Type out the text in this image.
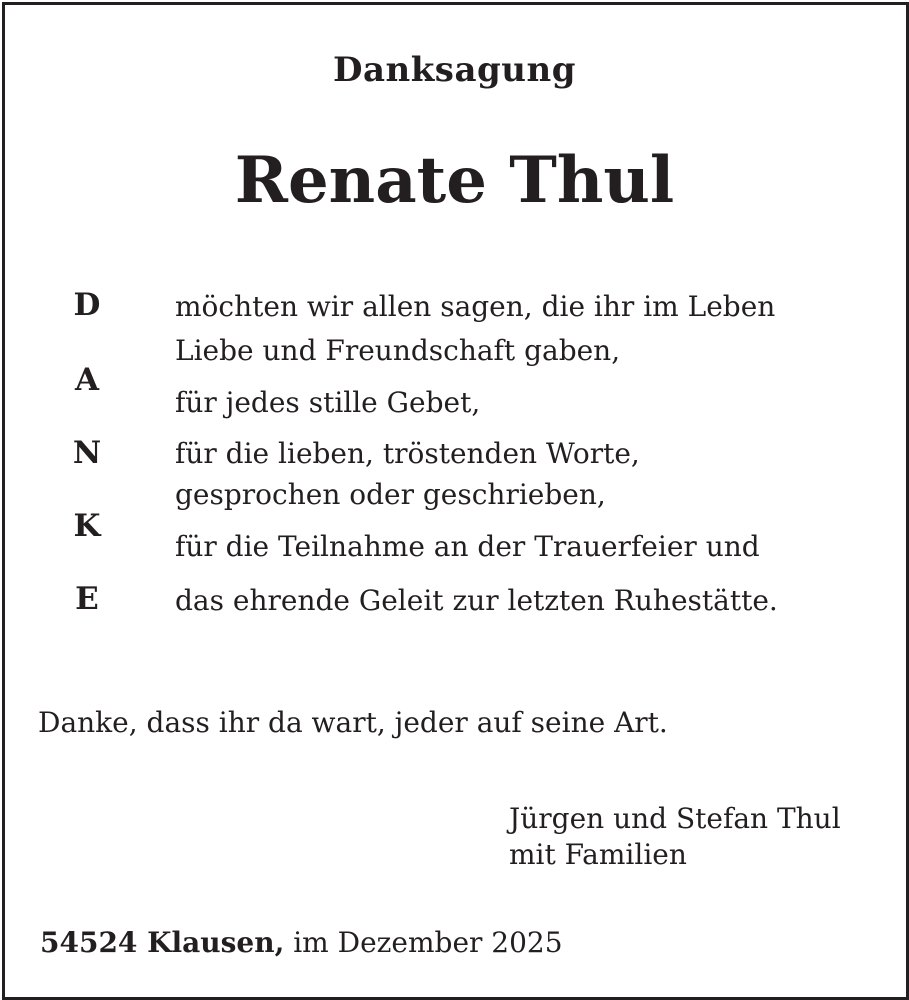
Danksagung
Renate Thul
D
A
N
K
E
möchten wir allen sagen, die ihr im Leben
Liebe und Freundschaft gaben,
für jedes stille Gebet,
für die lieben, tröstenden Worte,
gesprochen oder geschrieben,
für die Teilnahme an der Trauerfeier und
das ehrende Geleit zur letzten Ruhestätte.
Danke, dass ihr da wart, jeder auf seine Art.
Jürgen und Stefan Thul
mit Familien
54524 Klausen, im Dezember 2025
